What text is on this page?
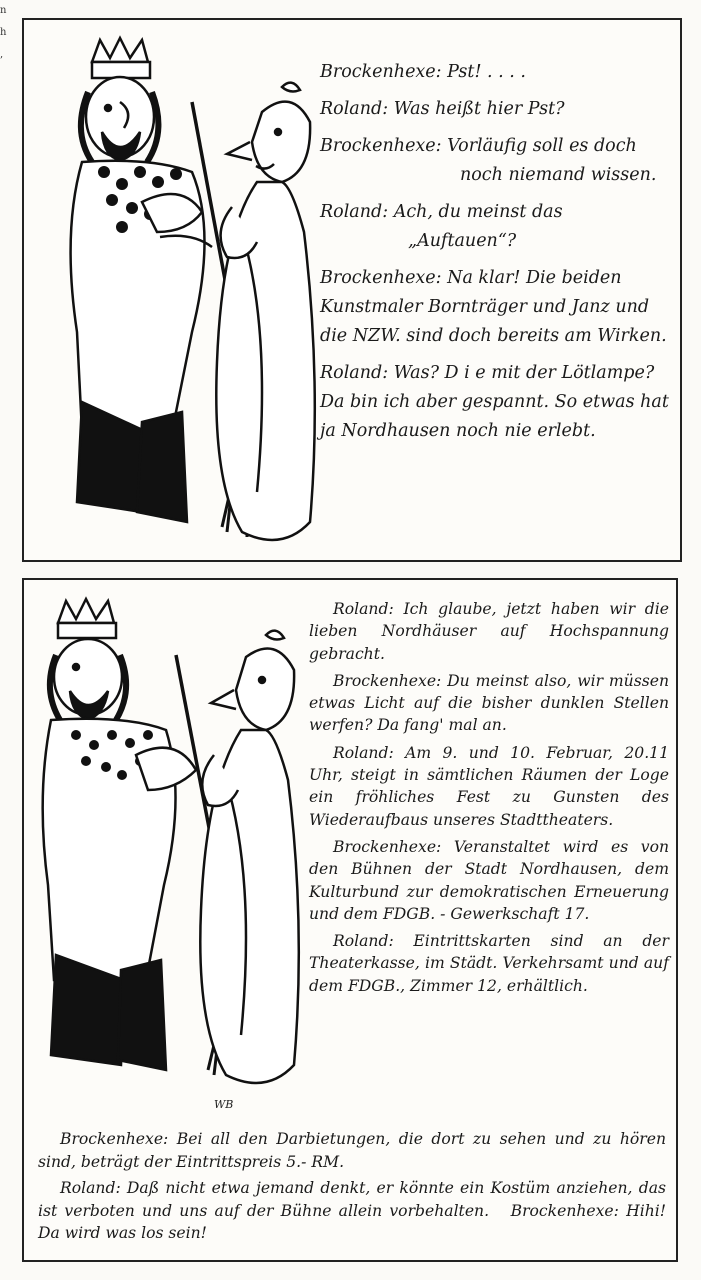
n
h
,

Brockenhexe: Pst! . . . .

Roland: Was heißt hier Pst?

Brockenhexe: Vorläufig soll es doch
noch niemand wissen.

Roland: Ach, du meinst das
„Auftauen“?

Brockenhexe: Na klar! Die beiden Kunstmaler Bornträger und Janz und die NZW. sind doch bereits am Wirken.

Roland: Was? D i e mit der Lötlampe? Da bin ich aber gespannt. So etwas hat ja Nordhausen noch nie erlebt.

WB

Roland: Ich glaube, jetzt haben wir die lieben Nordhäuser auf Hochspannung gebracht.

Brockenhexe: Du meinst also, wir müssen etwas Licht auf die bisher dunklen Stellen werfen? Da fang' mal an.

Roland: Am 9. und 10. Februar, 20.11 Uhr, steigt in sämtlichen Räumen der Loge ein fröhliches Fest zu Gunsten des Wiederaufbaus unseres Stadttheaters.

Brockenhexe: Veranstaltet wird es von den Bühnen der Stadt Nordhausen, dem Kulturbund zur demokratischen Erneuerung und dem FDGB. - Gewerkschaft 17.

Roland: Eintrittskarten sind an der Theaterkasse, im Städt. Verkehrsamt und auf dem FDGB., Zimmer 12, erhältlich.

Brockenhexe: Bei all den Darbietungen, die dort zu sehen und zu hören sind, beträgt der Eintrittspreis 5.- RM.

Roland: Daß nicht etwa jemand denkt, er könnte ein Kostüm anziehen, das ist verboten und uns auf der Bühne allein vorbehalten. Brockenhexe: Hihi! Da wird was los sein!
